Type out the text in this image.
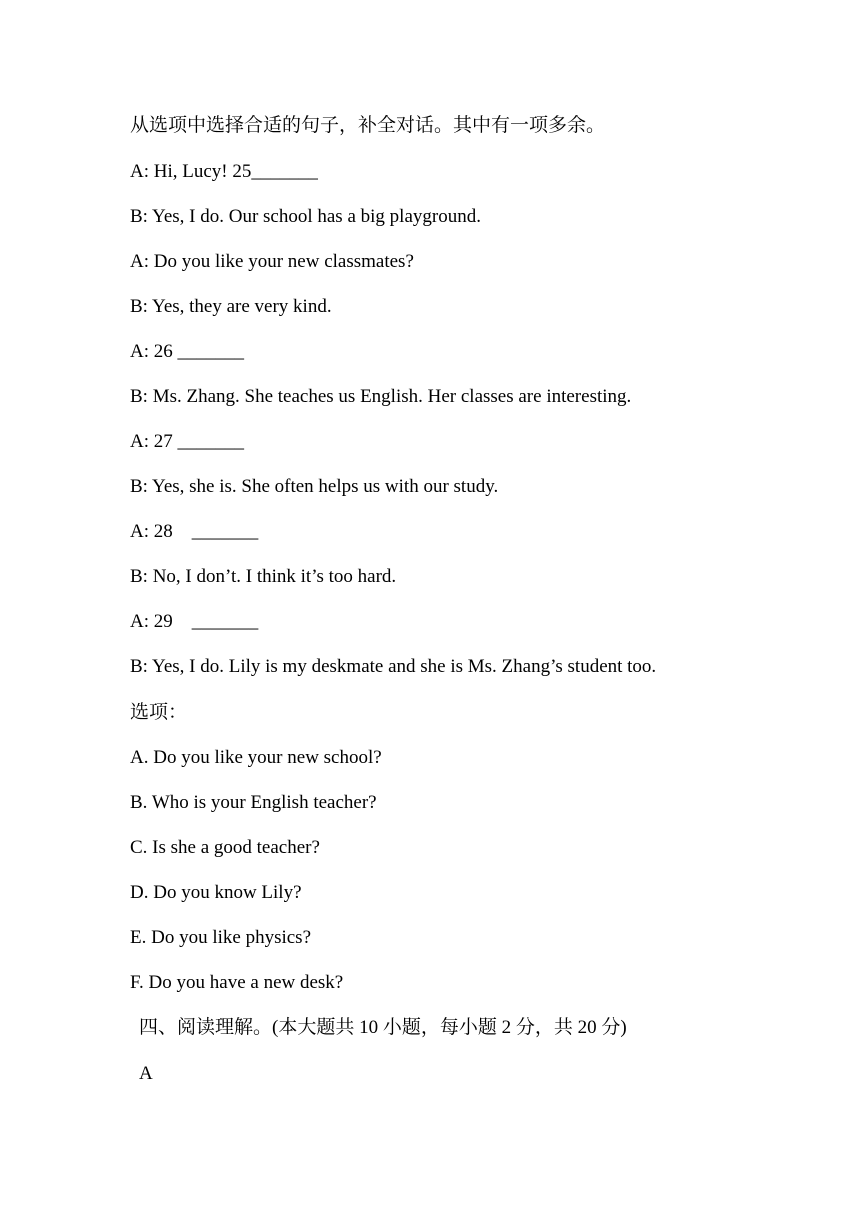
从选项中选择合适的句子，补全对话。其中有一项多余。
A: Hi, Lucy! 25_______
B: Yes, I do. Our school has a big playground.
A: Do you like your new classmates?
B: Yes, they are very kind.
A: 26 _______
B: Ms. Zhang. She teaches us English. Her classes are interesting.
A: 27 _______
B: Yes, she is. She often helps us with our study.
A: 28    _______
B: No, I don’t. I think it’s too hard.
A: 29    _______
B: Yes, I do. Lily is my deskmate and she is Ms. Zhang’s student too.
选项：
A. Do you like your new school?
B. Who is your English teacher?
C. Is she a good teacher?
D. Do you know Lily?
E. Do you like physics?
F. Do you have a new desk?
四、阅读理解。(本大题共 10 小题，每小题 2 分，共 20 分)
A
